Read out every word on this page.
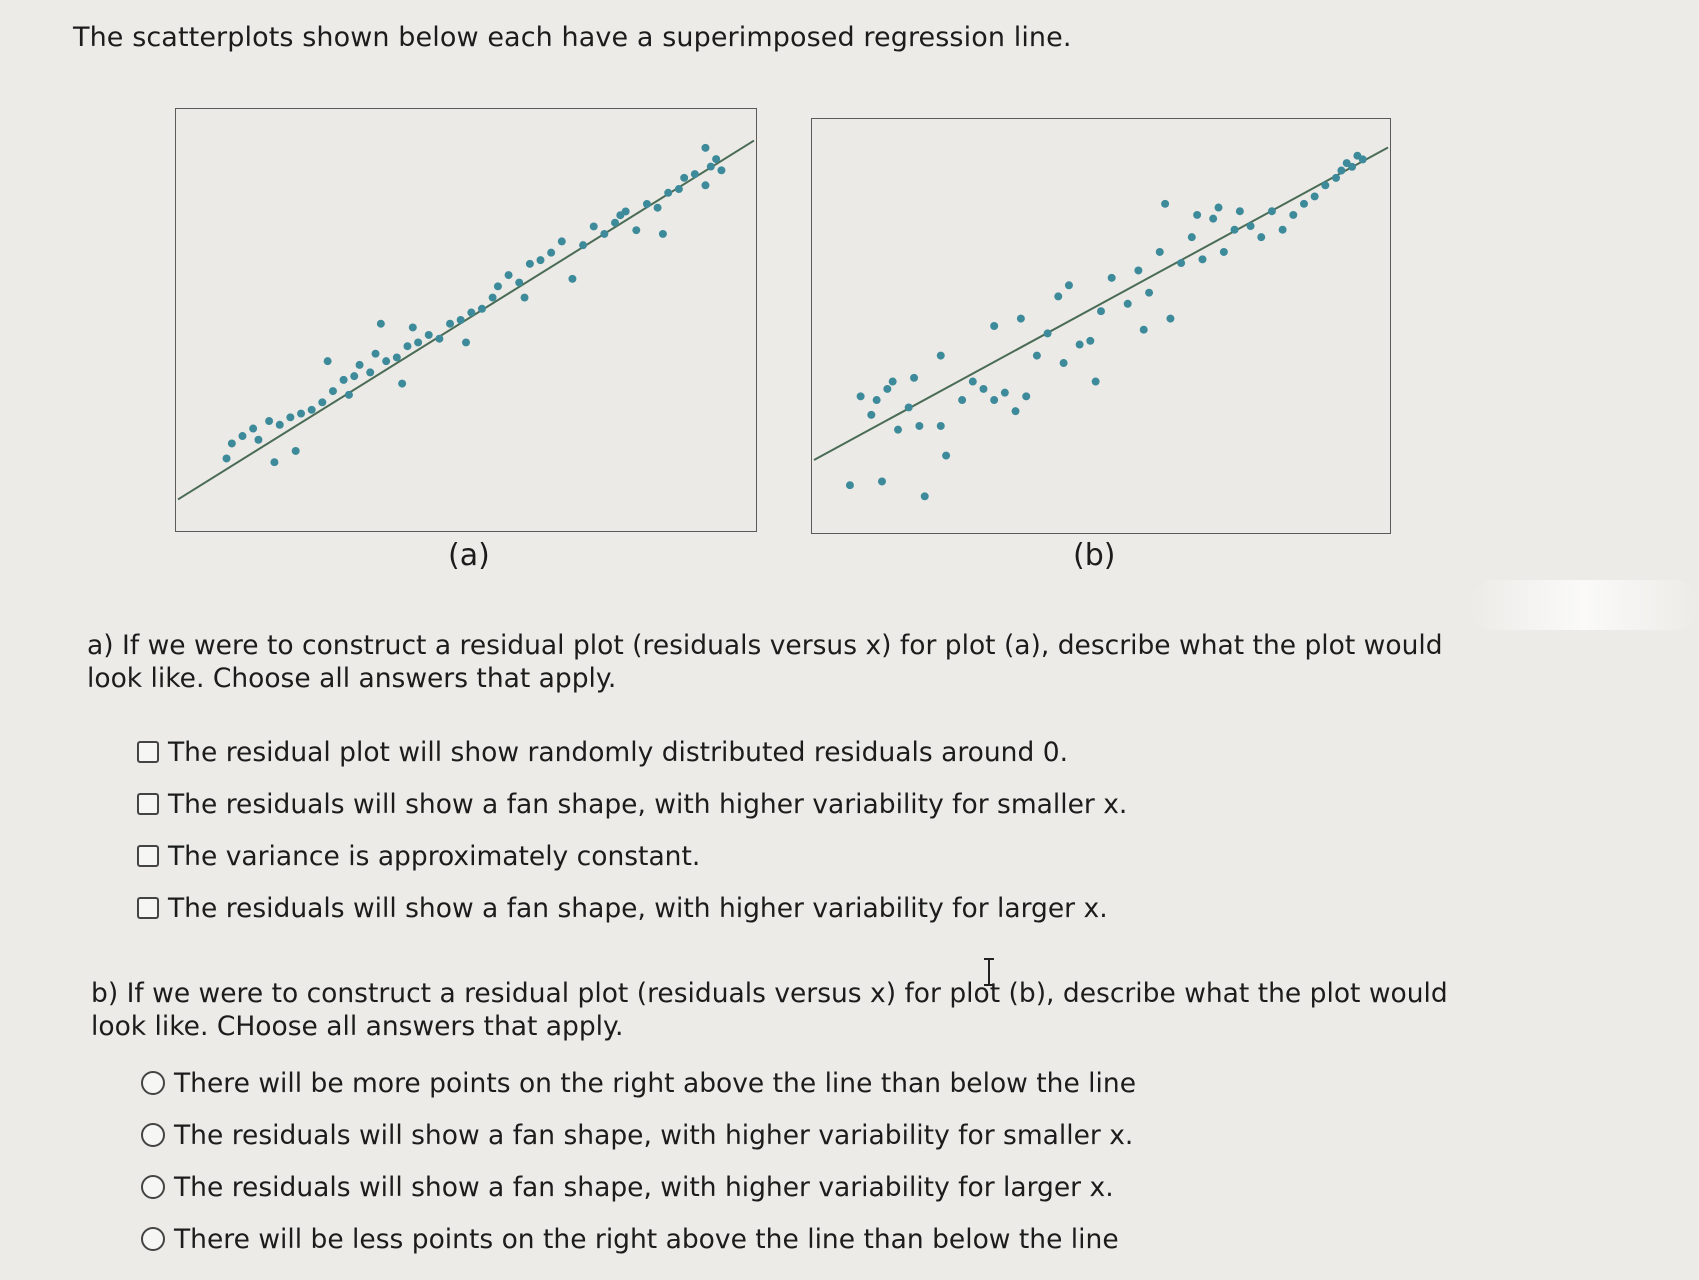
The scatterplots shown below each have a superimposed regression line.
(a)	(b)
a) If we were to construct a residual plot (residuals versus x) for plot (a), describe what the plot would look like. Choose all answers that apply.
The residual plot will show randomly distributed residuals around 0.
The residuals will show a fan shape, with higher variability for smaller x.
The variance is approximately constant.
The residuals will show a fan shape, with higher variability for larger x.
b) If we were to construct a residual plot (residuals versus x) for plot (b), describe what the plot would look like. CHoose all answers that apply.
There will be more points on the right above the line than below the line
The residuals will show a fan shape, with higher variability for smaller x.
The residuals will show a fan shape, with higher variability for larger x.
There will be less points on the right above the line than below the line
